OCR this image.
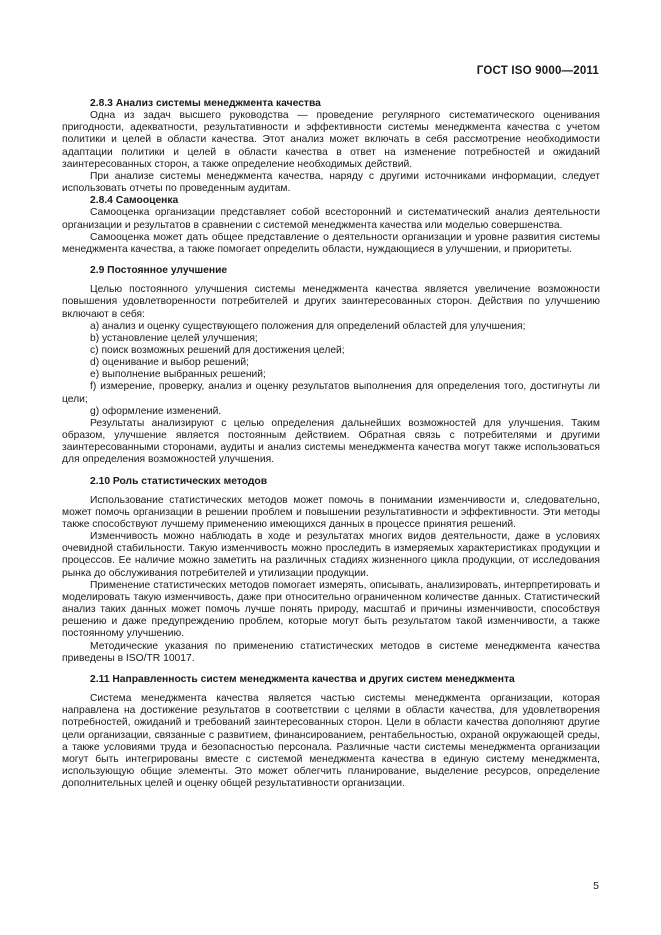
ГОСТ ISO 9000—2011

2.8.3 Анализ системы менеджмента качества

Одна из задач высшего руководства — проведение регулярного систематического оценивания пригодности, адекватности, результативности и эффективности системы менеджмента качества с учетом политики и целей в области качества. Этот анализ может включать в себя рассмотрение необходимости адаптации политики и целей в области качества в ответ на изменение потребностей и ожиданий заинтересованных сторон, а также определение необходимых действий.

При анализе системы менеджмента качества, наряду с другими источниками информации, следует использовать отчеты по проведенным аудитам.

2.8.4 Самооценка

Самооценка организации представляет собой всесторонний и систематический анализ деятельности организации и результатов в сравнении с системой менеджмента качества или моделью совершенства.

Самооценка может дать общее представление о деятельности организации и уровне развития системы менеджмента качества, а также помогает определить области, нуждающиеся в улучшении, и приоритеты.

2.9 Постоянное улучшение

Целью постоянного улучшения системы менеджмента качества является увеличение возможности повышения удовлетворенности потребителей и других заинтересованных сторон. Действия по улучшению включают в себя:

a) анализ и оценку существующего положения для определений областей для улучшения;

b) установление целей улучшения;

c) поиск возможных решений для достижения целей;

d) оценивание и выбор решений;

e) выполнение выбранных решений;

f) измерение, проверку, анализ и оценку результатов выполнения для определения того, достигнуты ли цели;

g) оформление изменений.

Результаты анализируют с целью определения дальнейших возможностей для улучшения. Таким образом, улучшение является постоянным действием. Обратная связь с потребителями и другими заинтересованными сторонами, аудиты и анализ системы менеджмента качества могут также использоваться для определения возможностей улучшения.

2.10 Роль статистических методов

Использование статистических методов может помочь в понимании изменчивости и, следовательно, может помочь организации в решении проблем и повышении результативности и эффективности. Эти методы также способствуют лучшему применению имеющихся данных в процессе принятия решений.

Изменчивость можно наблюдать в ходе и результатах многих видов деятельности, даже в условиях очевидной стабильности. Такую изменчивость можно проследить в измеряемых характеристиках продукции и процессов. Ее наличие можно заметить на различных стадиях жизненного цикла продукции, от исследования рынка до обслуживания потребителей и утилизации продукции.

Применение статистических методов помогает измерять, описывать, анализировать, интерпретировать и моделировать такую изменчивость, даже при относительно ограниченном количестве данных. Статистический анализ таких данных может помочь лучше понять природу, масштаб и причины изменчивости, способствуя решению и даже предупреждению проблем, которые могут быть результатом такой изменчивости, а также постоянному улучшению.

Методические указания по применению статистических методов в системе менеджмента качества приведены в ISO/TR 10017.

2.11 Направленность систем менеджмента качества и других систем менеджмента

Система менеджмента качества является частью системы менеджмента организации, которая направлена на достижение результатов в соответствии с целями в области качества, для удовлетворения потребностей, ожиданий и требований заинтересованных сторон. Цели в области качества дополняют другие цели организации, связанные с развитием, финансированием, рентабельностью, охраной окружающей среды, а также условиями труда и безопасностью персонала. Различные части системы менеджмента организации могут быть интегрированы вместе с системой менеджмента качества в единую систему менеджмента, использующую общие элементы. Это может облегчить планирование, выделение ресурсов, определение дополнительных целей и оценку общей результативности организации.

5
